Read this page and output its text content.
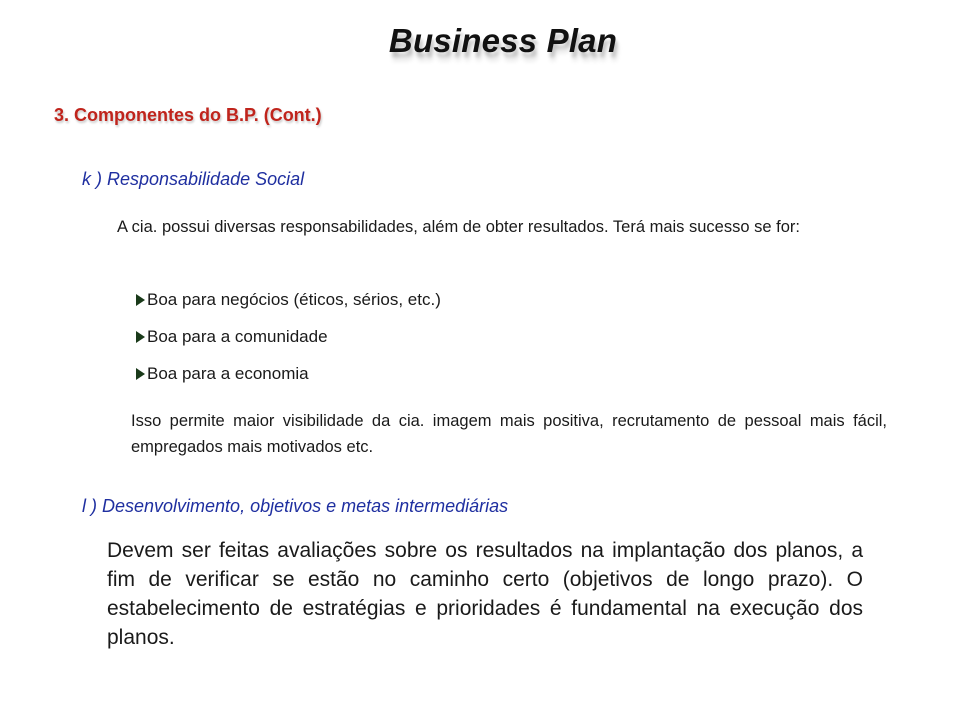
Business Plan
3. Componentes do B.P. (Cont.)
k ) Responsabilidade Social
A cia. possui diversas responsabilidades, além de obter resultados. Terá mais sucesso se for:
Boa para negócios (éticos, sérios, etc.)
Boa para a comunidade
Boa para a economia
Isso permite maior visibilidade da cia. imagem mais positiva, recrutamento de pessoal mais fácil, empregados mais motivados etc.
l ) Desenvolvimento, objetivos e metas intermediárias
Devem ser feitas avaliações sobre os resultados na implantação dos planos, a fim de verificar se estão no caminho certo (objetivos de longo prazo). O estabelecimento de estratégias e prioridades é fundamental na execução dos planos.
